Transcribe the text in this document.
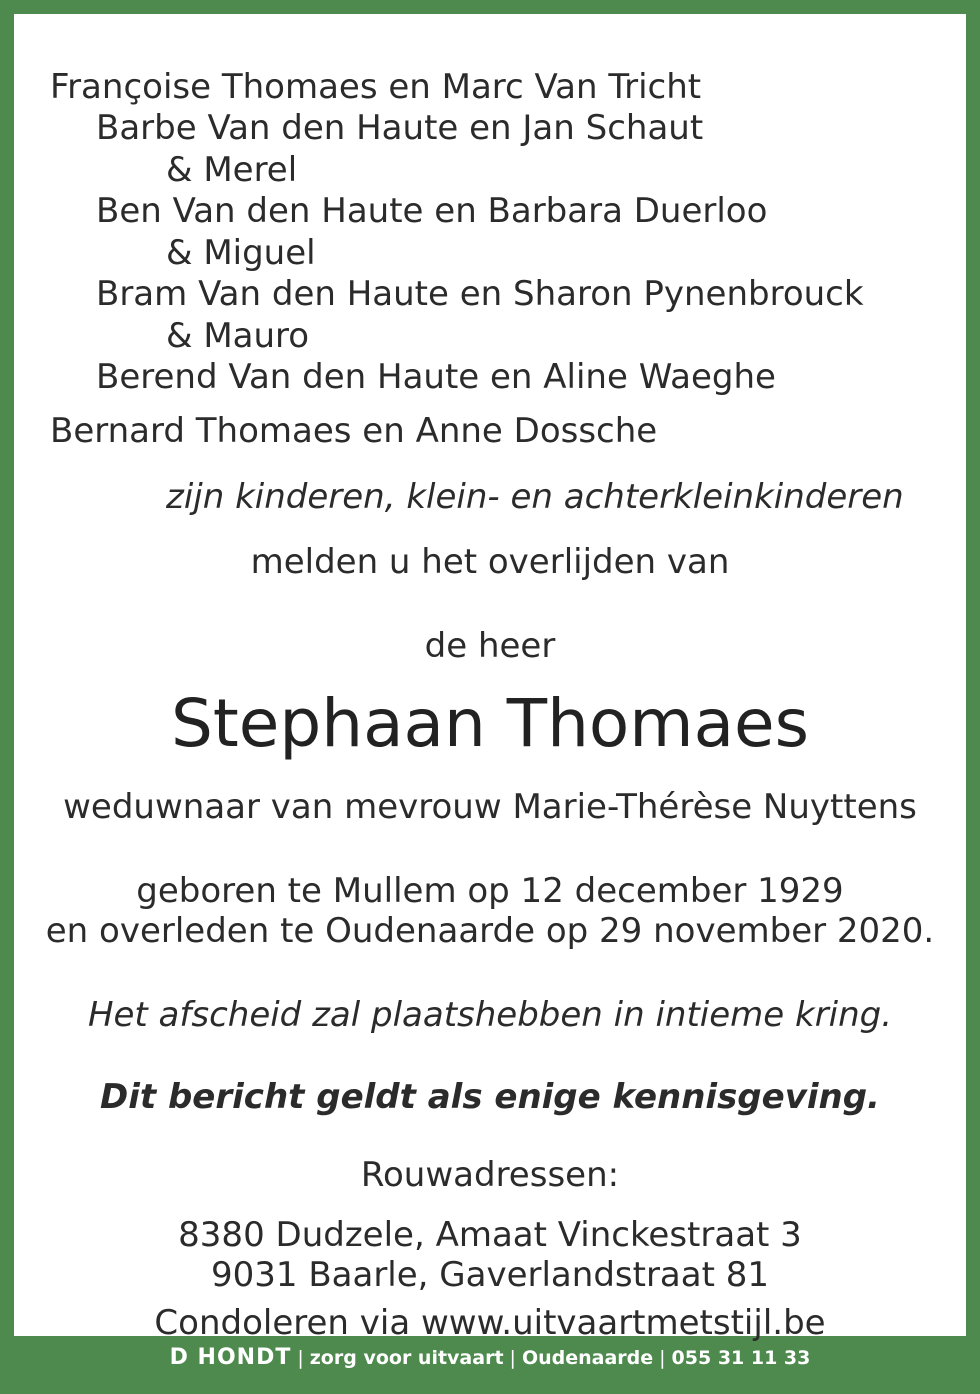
Françoise Thomaes en Marc Van Tricht
Barbe Van den Haute en Jan Schaut
& Merel
Ben Van den Haute en Barbara Duerloo
& Miguel
Bram Van den Haute en Sharon Pynenbrouck
& Mauro
Berend Van den Haute en Aline Waeghe
Bernard Thomaes en Anne Dossche
zijn kinderen, klein- en achterkleinkinderen
melden u het overlijden van
de heer
Stephaan Thomaes
weduwnaar van mevrouw Marie-Thérèse Nuyttens
geboren te Mullem op 12 december 1929
en overleden te Oudenaarde op 29 november 2020.
Het afscheid zal plaatshebben in intieme kring.
Dit bericht geldt als enige kennisgeving.
Rouwadressen:
8380 Dudzele, Amaat Vinckestraat 3
9031 Baarle, Gaverlandstraat 81
Condoleren via www.uitvaartmetstijl.be
D HONDT | zorg voor uitvaart | Oudenaarde | 055 31 11 33
